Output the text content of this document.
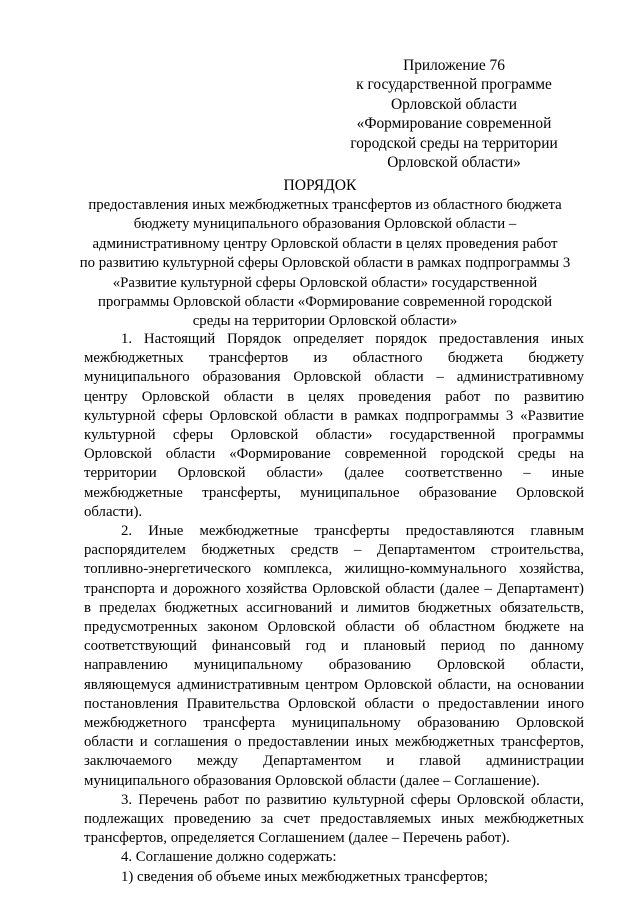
Приложение 76
к государственной программе
Орловской области
«Формирование современной
городской среды на территории
Орловской области»
ПОРЯДОК
предоставления иных межбюджетных трансфертов из областного бюджета
бюджету муниципального образования Орловской области –
административному центру Орловской области в целях проведения работ
по развитию культурной сферы Орловской области в рамках подпрограммы 3
«Развитие культурной сферы Орловской области» государственной
программы Орловской области «Формирование современной городской
среды на территории Орловской области»
1. Настоящий Порядок определяет порядок предоставления иных
межбюджетных трансфертов из областного бюджета бюджету
муниципального образования Орловской области – административному
центру Орловской области в целях проведения работ по развитию
культурной сферы Орловской области в рамках подпрограммы 3 «Развитие
культурной сферы Орловской области» государственной программы
Орловской области «Формирование современной городской среды на
территории Орловской области» (далее соответственно – иные
межбюджетные трансферты, муниципальное образование Орловской
области).
2. Иные межбюджетные трансферты предоставляются главным
распорядителем бюджетных средств – Департаментом строительства,
топливно-энергетического комплекса, жилищно-коммунального хозяйства,
транспорта и дорожного хозяйства Орловской области (далее – Департамент)
в пределах бюджетных ассигнований и лимитов бюджетных обязательств,
предусмотренных законом Орловской области об областном бюджете на
соответствующий финансовый год и плановый период по данному
направлению муниципальному образованию Орловской области,
являющемуся административным центром Орловской области, на основании
постановления Правительства Орловской области о предоставлении иного
межбюджетного трансферта муниципальному образованию Орловской
области и соглашения о предоставлении иных межбюджетных трансфертов,
заключаемого между Департаментом и главой администрации
муниципального образования Орловской области (далее – Соглашение).
3. Перечень работ по развитию культурной сферы Орловской области,
подлежащих проведению за счет предоставляемых иных межбюджетных
трансфертов, определяется Соглашением (далее – Перечень работ).
4. Соглашение должно содержать:
1) сведения об объеме иных межбюджетных трансфертов;
